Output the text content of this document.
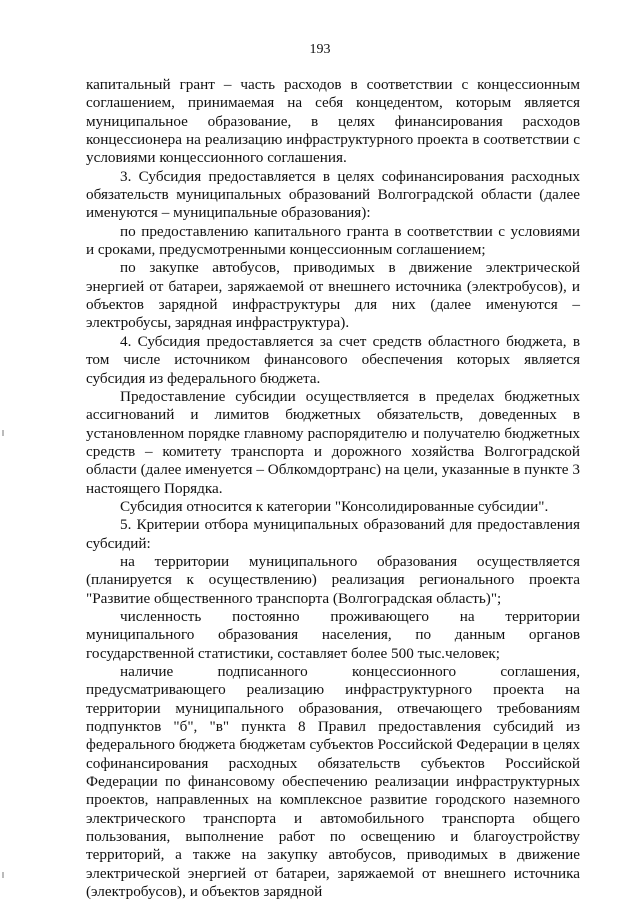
193

капитальный грант – часть расходов в соответствии с концессионным соглашением, принимаемая на себя концедентом, которым является муниципальное образование, в целях финансирования расходов концессионера на реализацию инфраструктурного проекта в соответствии с условиями концессионного соглашения.

3. Субсидия предоставляется в целях софинансирования расходных обязательств муниципальных образований Волгоградской области (далее именуются – муниципальные образования):

по предоставлению капитального гранта в соответствии с условиями и сроками, предусмотренными концессионным соглашением;

по закупке автобусов, приводимых в движение электрической энергией от батареи, заряжаемой от внешнего источника (электробусов), и объектов зарядной инфраструктуры для них (далее именуются – электробусы, зарядная инфраструктура).

4. Субсидия предоставляется за счет средств областного бюджета, в том числе источником финансового обеспечения которых является субсидия из федерального бюджета.

Предоставление субсидии осуществляется в пределах бюджетных ассигнований и лимитов бюджетных обязательств, доведенных в установленном порядке главному распорядителю и получателю бюджетных средств – комитету транспорта и дорожного хозяйства Волгоградской области (далее именуется – Облкомдортранс) на цели, указанные в пункте 3 настоящего Порядка.

Субсидия относится к категории "Консолидированные субсидии".

5. Критерии отбора муниципальных образований для предоставления субсидий:

на территории муниципального образования осуществляется (планируется к осуществлению) реализация регионального проекта "Развитие общественного транспорта (Волгоградская область)";

численность постоянно проживающего на территории муниципального образования населения, по данным органов государственной статистики, составляет более 500 тыс.человек;

наличие подписанного концессионного соглашения, предусматривающего реализацию инфраструктурного проекта на территории муниципального образования, отвечающего требованиям подпунктов "б", "в" пункта 8 Правил предоставления субсидий из федерального бюджета бюджетам субъектов Российской Федерации в целях софинансирования расходных обязательств субъектов Российской Федерации по финансовому обеспечению реализации инфраструктурных проектов, направленных на комплексное развитие городского наземного электрического транспорта и автомобильного транспорта общего пользования, выполнение работ по освещению и благоустройству территорий, а также на закупку автобусов, приводимых в движение электрической энергией от батареи, заряжаемой от внешнего источника (электробусов), и объектов зарядной
